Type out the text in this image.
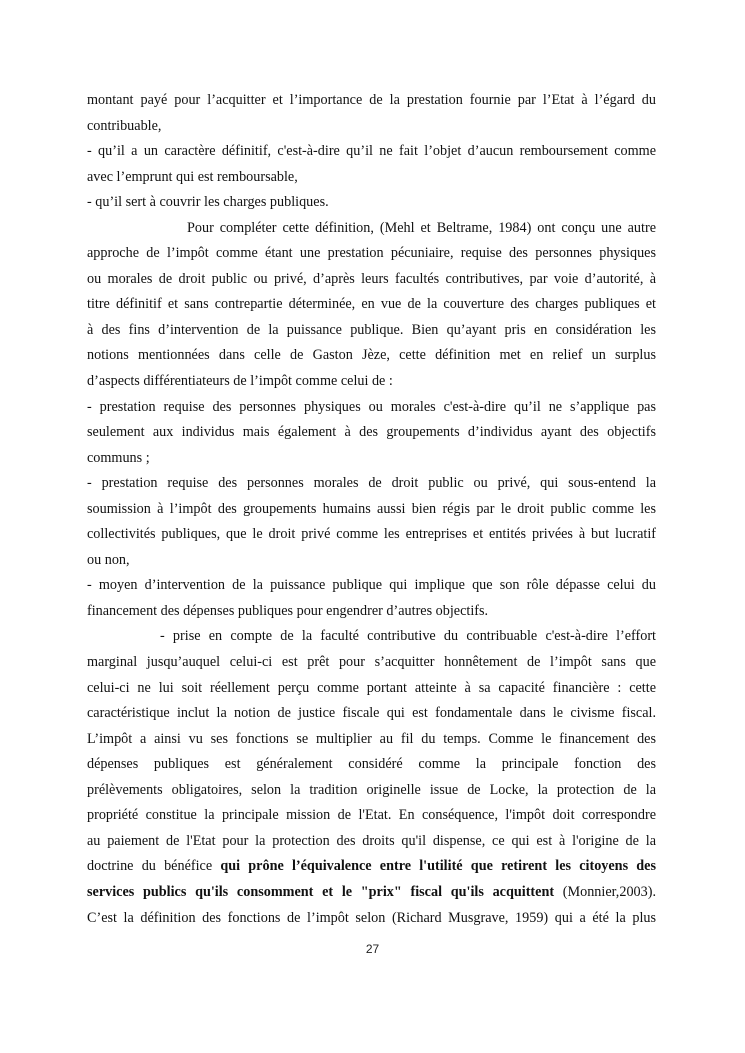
montant payé pour l’acquitter et l’importance de la prestation fournie par l’Etat à l’égard du
contribuable,
- qu’il a un caractère définitif, c'est-à-dire qu’il ne fait l’objet d’aucun remboursement comme
avec l’emprunt qui est remboursable,
- qu’il sert à couvrir les charges publiques.
Pour compléter cette définition, (Mehl et Beltrame, 1984) ont conçu une autre
approche de l’impôt comme étant une prestation pécuniaire, requise des personnes physiques
ou morales de droit public ou privé, d’après leurs facultés contributives, par voie d’autorité, à
titre définitif et sans contrepartie déterminée, en vue de la couverture des charges publiques et
à des fins d’intervention de la puissance publique. Bien qu’ayant pris en considération les
notions mentionnées dans celle de Gaston Jèze, cette définition met en relief un surplus
d’aspects différentiateurs de l’impôt comme celui de :
- prestation requise des personnes physiques ou morales c'est-à-dire qu’il ne s’applique pas
seulement aux individus mais également à des groupements d’individus ayant des objectifs
communs ;
- prestation requise des personnes morales de droit public ou privé, qui sous-entend la
soumission à l’impôt des groupements humains aussi bien régis par le droit public comme les
collectivités publiques, que le droit privé comme les entreprises et entités privées à but lucratif
ou non,
- moyen d’intervention de la puissance publique qui implique que son rôle dépasse celui du
financement des dépenses publiques pour engendrer d’autres objectifs.
- prise en compte de la faculté contributive du contribuable c'est-à-dire l’effort
marginal jusqu’auquel celui-ci est prêt pour s’acquitter honnêtement de l’impôt sans que
celui-ci ne lui soit réellement perçu comme portant atteinte à sa capacité financière : cette
caractéristique inclut la notion de justice fiscale qui est fondamentale dans le civisme fiscal.
L’impôt a ainsi vu ses fonctions se multiplier au fil du temps. Comme le financement des
dépenses publiques est généralement considéré comme la principale fonction des
prélèvements obligatoires, selon la tradition originelle issue de Locke, la protection de la
propriété constitue la principale mission de l'Etat. En conséquence, l'impôt doit correspondre
au paiement de l'Etat pour la protection des droits qu'il dispense, ce qui est à l'origine de la
doctrine du bénéfice qui prône l’équivalence entre l'utilité que retirent les citoyens des
services publics qu'ils consomment et le "prix" fiscal qu'ils acquittent (Monnier,2003).
C’est la définition des fonctions de l’impôt selon (Richard Musgrave, 1959) qui a été la plus
27
